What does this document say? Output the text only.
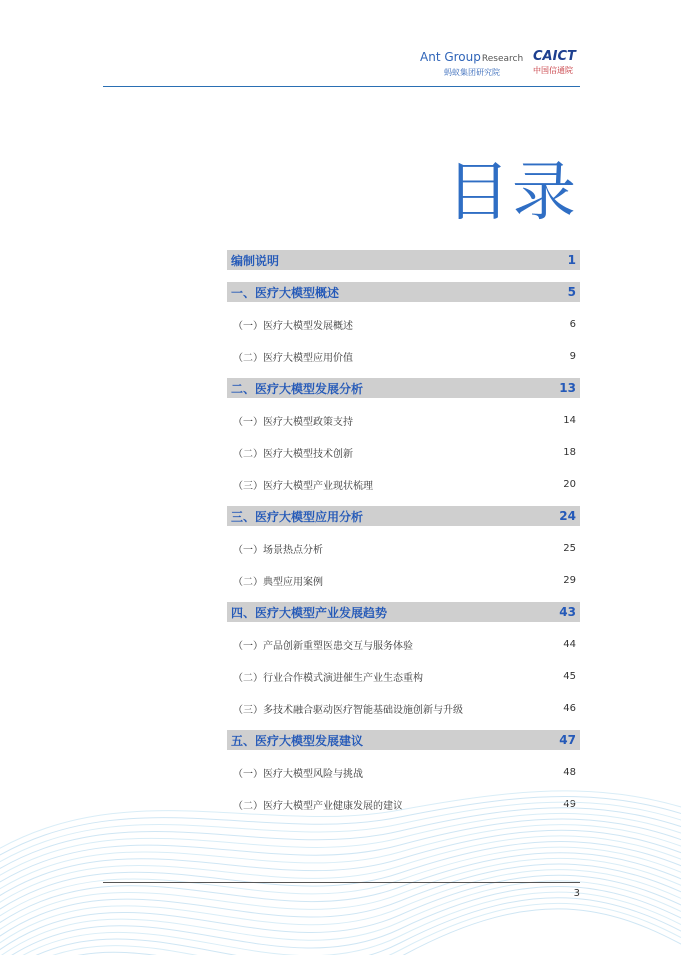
Ant GroupResearch
蚂蚁集团研究院
CAICT
中国信通院
目录
编制说明	1
一、医疗大模型概述	5
（一）医疗大模型发展概述	6
（二）医疗大模型应用价值	9
二、医疗大模型发展分析	13
（一）医疗大模型政策支持	14
（二）医疗大模型技术创新	18
（三）医疗大模型产业现状梳理	20
三、医疗大模型应用分析	24
（一）场景热点分析	25
（二）典型应用案例	29
四、医疗大模型产业发展趋势	43
（一）产品创新重塑医患交互与服务体验	44
（二）行业合作模式演进催生产业生态重构	45
（三）多技术融合驱动医疗智能基础设施创新与升级	46
五、医疗大模型发展建议	47
（一）医疗大模型风险与挑战	48
（二）医疗大模型产业健康发展的建议	49
3
